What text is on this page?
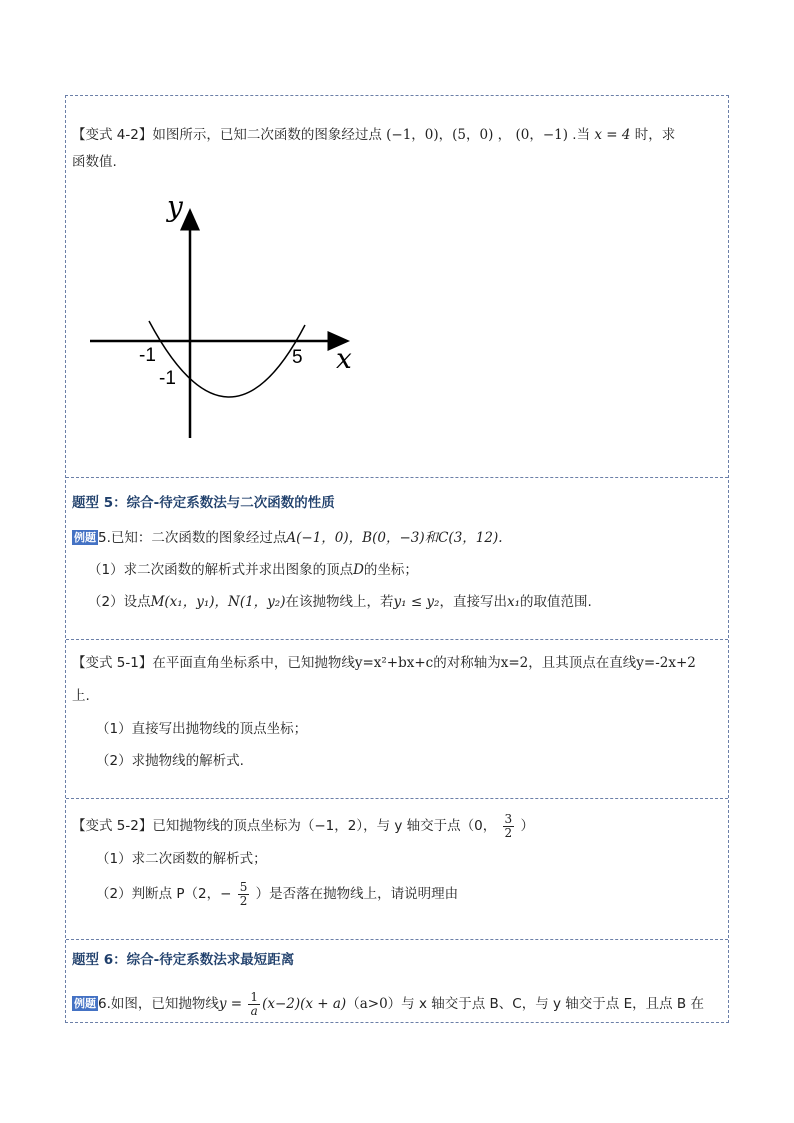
【变式 4-2】如图所示，已知二次函数的图象经过点 (−1，0)，(5，0) ， (0，−1) .当 x = 4 时，求
函数值.
y
x
-1
-1
5
题型 5：综合-待定系数法与二次函数的性质
例题 5.已知：二次函数的图象经过点A(−1，0)，B(0，−3)和C(3，12).
（1）求二次函数的解析式并求出图象的顶点D的坐标；
（2）设点M(x₁，y₁)，N(1，y₂)在该抛物线上，若y₁ ≤ y₂，直接写出x₁的取值范围.
【变式 5-1】在平面直角坐标系中，已知抛物线y=x²+bx+c的对称轴为x=2，且其顶点在直线y=-2x+2
上.
（1）直接写出抛物线的顶点坐标；
（2）求抛物线的解析式.
【变式 5-2】已知抛物线的顶点坐标为（−1，2），与 y 轴交于点（0， $\frac{3}{2}$ ）
（1）求二次函数的解析式；
（2）判断点 P（2，− $\frac{5}{2}$ ）是否落在抛物线上，请说明理由
题型 6：综合-待定系数法求最短距离
例题 6.如图，已知抛物线$y = \frac{1}{a} (x-2)(x + a)(a>0)$与 x 轴交于点 B、C，与 y 轴交于点 E，且点 B 在
